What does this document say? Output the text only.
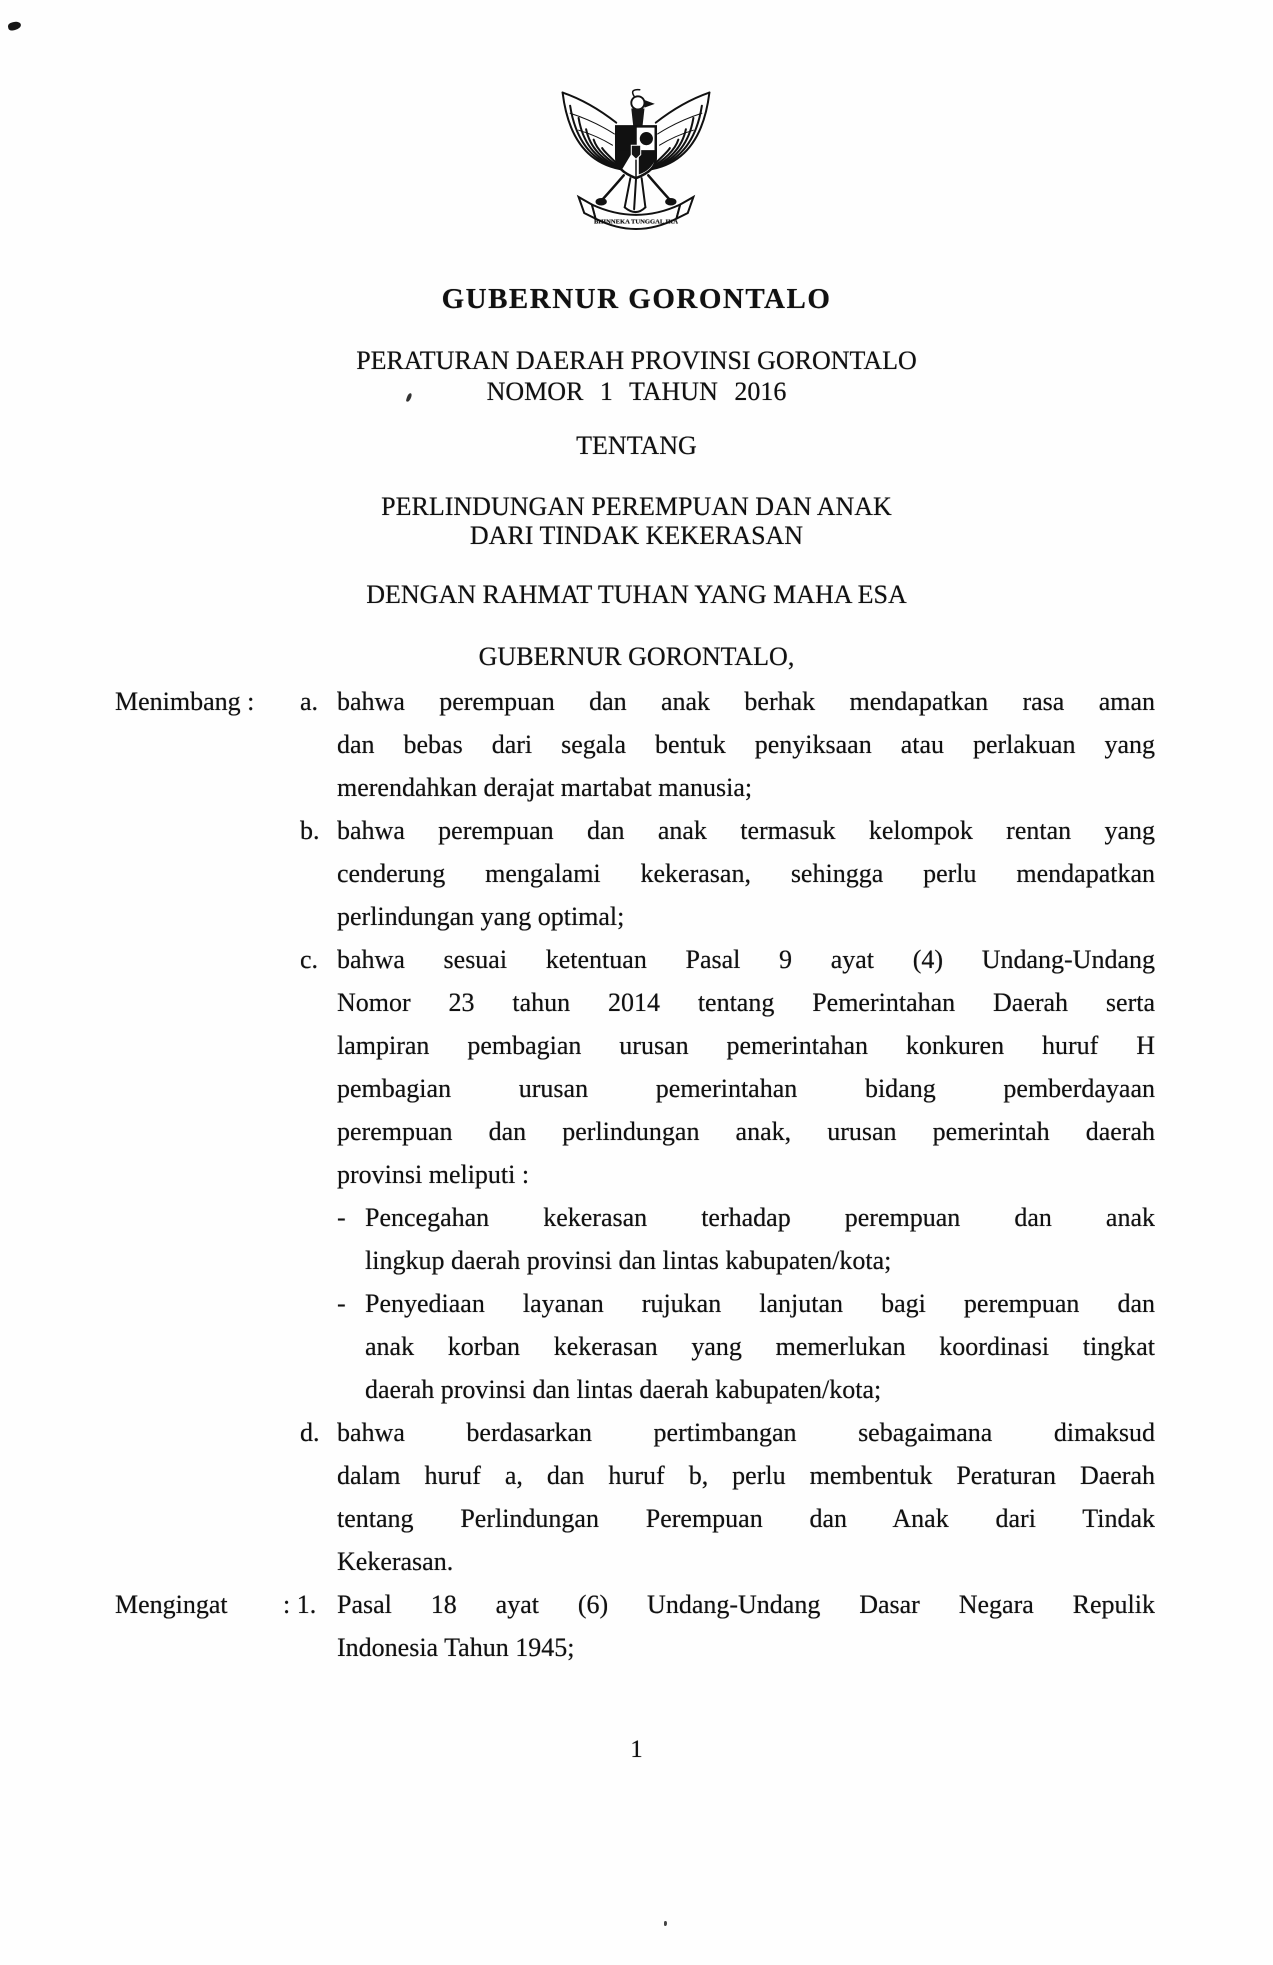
BHINNEKA TUNGGAL IKA
GUBERNUR GORONTALO
PERATURAN DAERAH PROVINSI GORONTALO
NOMOR 1 TAHUN 2016
TENTANG
PERLINDUNGAN PEREMPUAN DAN ANAK
DARI TINDAK KEKERASAN
DENGAN RAHMAT TUHAN YANG MAHA ESA
GUBERNUR GORONTALO,
Menimbang : a. bahwa perempuan dan anak berhak mendapatkan rasa aman
dan bebas dari segala bentuk penyiksaan atau perlakuan yang
merendahkan derajat martabat manusia;
b. bahwa perempuan dan anak termasuk kelompok rentan yang
cenderung mengalami kekerasan, sehingga perlu mendapatkan
perlindungan yang optimal;
c. bahwa sesuai ketentuan Pasal 9 ayat (4) Undang-Undang
Nomor 23 tahun 2014 tentang Pemerintahan Daerah serta
lampiran pembagian urusan pemerintahan konkuren huruf H
pembagian urusan pemerintahan bidang pemberdayaan
perempuan dan perlindungan anak, urusan pemerintah daerah
provinsi meliputi :
- Pencegahan kekerasan terhadap perempuan dan anak
lingkup daerah provinsi dan lintas kabupaten/kota;
- Penyediaan layanan rujukan lanjutan bagi perempuan dan
anak korban kekerasan yang memerlukan koordinasi tingkat
daerah provinsi dan lintas daerah kabupaten/kota;
d. bahwa berdasarkan pertimbangan sebagaimana dimaksud
dalam huruf a, dan huruf b, perlu membentuk Peraturan Daerah
tentang Perlindungan Perempuan dan Anak dari Tindak
Kekerasan.
Mengingat : 1. Pasal 18 ayat (6) Undang-Undang Dasar Negara Repulik
Indonesia Tahun 1945;
1
